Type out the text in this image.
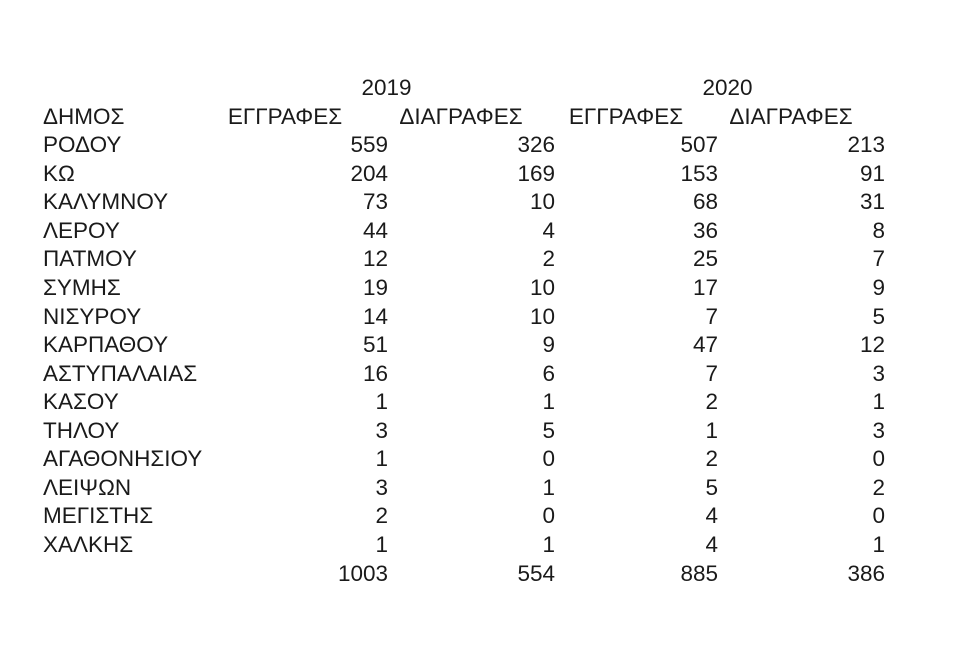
	2019		2020	
ΔΗΜΟΣ	ΕΓΓΡΑΦΕΣ	ΔΙΑΓΡΑΦΕΣ	ΕΓΓΡΑΦΕΣ	ΔΙΑΓΡΑΦΕΣ
ΡΟΔΟΥ	559	326	507	213
ΚΩ	204	169	153	91
ΚΑΛΥΜΝΟΥ	73	10	68	31
ΛΕΡΟΥ	44	4	36	8
ΠΑΤΜΟΥ	12	2	25	7
ΣΥΜΗΣ	19	10	17	9
ΝΙΣΥΡΟΥ	14	10	7	5
ΚΑΡΠΑΘΟΥ	51	9	47	12
ΑΣΤΥΠΑΛΑΙΑΣ	16	6	7	3
ΚΑΣΟΥ	1	1	2	1
ΤΗΛΟΥ	3	5	1	3
ΑΓΑΘΟΝΗΣΙΟΥ	1	0	2	0
ΛΕΙΨΩΝ	3	1	5	2
ΜΕΓΙΣΤΗΣ	2	0	4	0
ΧΑΛΚΗΣ	1	1	4	1
	1003	554	885	386
